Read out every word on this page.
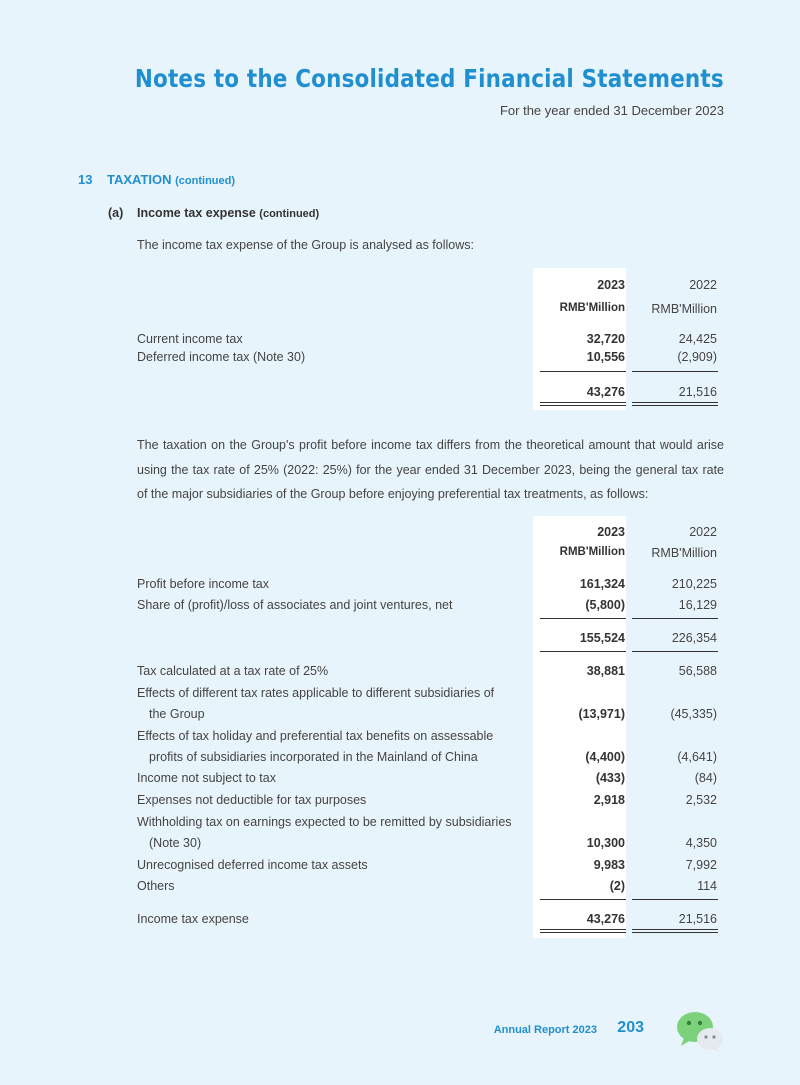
Notes to the Consolidated Financial Statements
For the year ended 31 December 2023
13 TAXATION (continued)
(a) Income tax expense (continued)
The income tax expense of the Group is analysed as follows:
2023	2022
RMB'Million RMB'Million
Current income tax	32,720	24,425
Deferred income tax (Note 30)	10,556	(2,909)
43,276	21,516
The taxation on the Group's profit before income tax differs from the theoretical amount that would arise using the tax rate of 25% (2022: 25%) for the year ended 31 December 2023, being the general tax rate of the major subsidiaries of the Group before enjoying preferential tax treatments, as follows:
2023	2022
RMB'Million RMB'Million
Profit before income tax	161,324	210,225
Share of (profit)/loss of associates and joint ventures, net	(5,800)	16,129
155,524	226,354
Tax calculated at a tax rate of 25%	38,881	56,588
Effects of different tax rates applicable to different subsidiaries of
the Group	(13,971)	(45,335)
Effects of tax holiday and preferential tax benefits on assessable
profits of subsidiaries incorporated in the Mainland of China	(4,400)	(4,641)
Income not subject to tax	(433)	(84)
Expenses not deductible for tax purposes	2,918	2,532
Withholding tax on earnings expected to be remitted by subsidiaries
(Note 30)	10,300	4,350
Unrecognised deferred income tax assets	9,983	7,992
Others	(2)	114
Income tax expense	43,276	21,516
Annual Report 2023 203
